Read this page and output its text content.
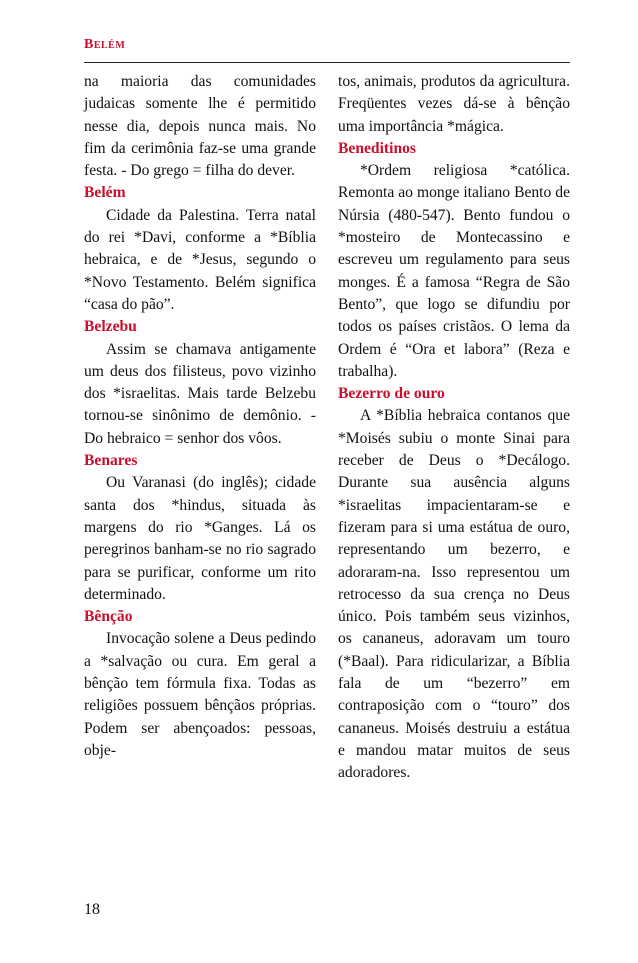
Belém

na maioria das comunidades judaicas somente lhe é permitido nesse dia, depois nunca mais. No fim da cerimônia faz-se uma grande festa. - Do grego = filha do dever.

Belém

Cidade da Palestina. Terra natal do rei *Davi, conforme a *Bíblia hebraica, e de *Jesus, segundo o *Novo Testamento. Belém significa “casa do pão”.

Belzebu

Assim se chamava antigamente um deus dos filisteus, povo vizinho dos *israelitas. Mais tarde Belzebu tornou-se sinônimo de demônio. - Do hebraico = senhor dos vôos.

Benares

Ou Varanasi (do inglês); cidade santa dos *hindus, situada às margens do rio *Ganges. Lá os peregrinos banham-se no rio sagrado para se purificar, conforme um rito determinado.

Bênção

Invocação solene a Deus pedindo a *salvação ou cura. Em geral a bênção tem fórmula fixa. Todas as religiões possuem bênçãos próprias. Podem ser abençoados: pessoas, obje-

tos, animais, produtos da agricultura. Freqüentes vezes dá-se à bênção uma importância *mágica.

Beneditinos

*Ordem religiosa *católica. Remonta ao monge italiano Bento de Núrsia (480-547). Bento fundou o *mosteiro de Montecassino e escreveu um regulamento para seus monges. É a famosa “Regra de São Bento”, que logo se difundiu por todos os países cristãos. O lema da Ordem é “Ora et labora” (Reza e trabalha).

Bezerro de ouro

A *Bíblia hebraica contanos que *Moisés subiu o monte Sinai para receber de Deus o *Decálogo. Durante sua ausência alguns *israelitas impacientaram-se e fizeram para si uma estátua de ouro, representando um bezerro, e adoraram-na. Isso representou um retrocesso da sua crença no Deus único. Pois também seus vizinhos, os cananeus, adoravam um touro (*Baal). Para ridicularizar, a Bíblia fala de um “bezerro” em contraposição com o “touro” dos cananeus. Moisés destruiu a estátua e mandou matar muitos de seus adoradores.

18
